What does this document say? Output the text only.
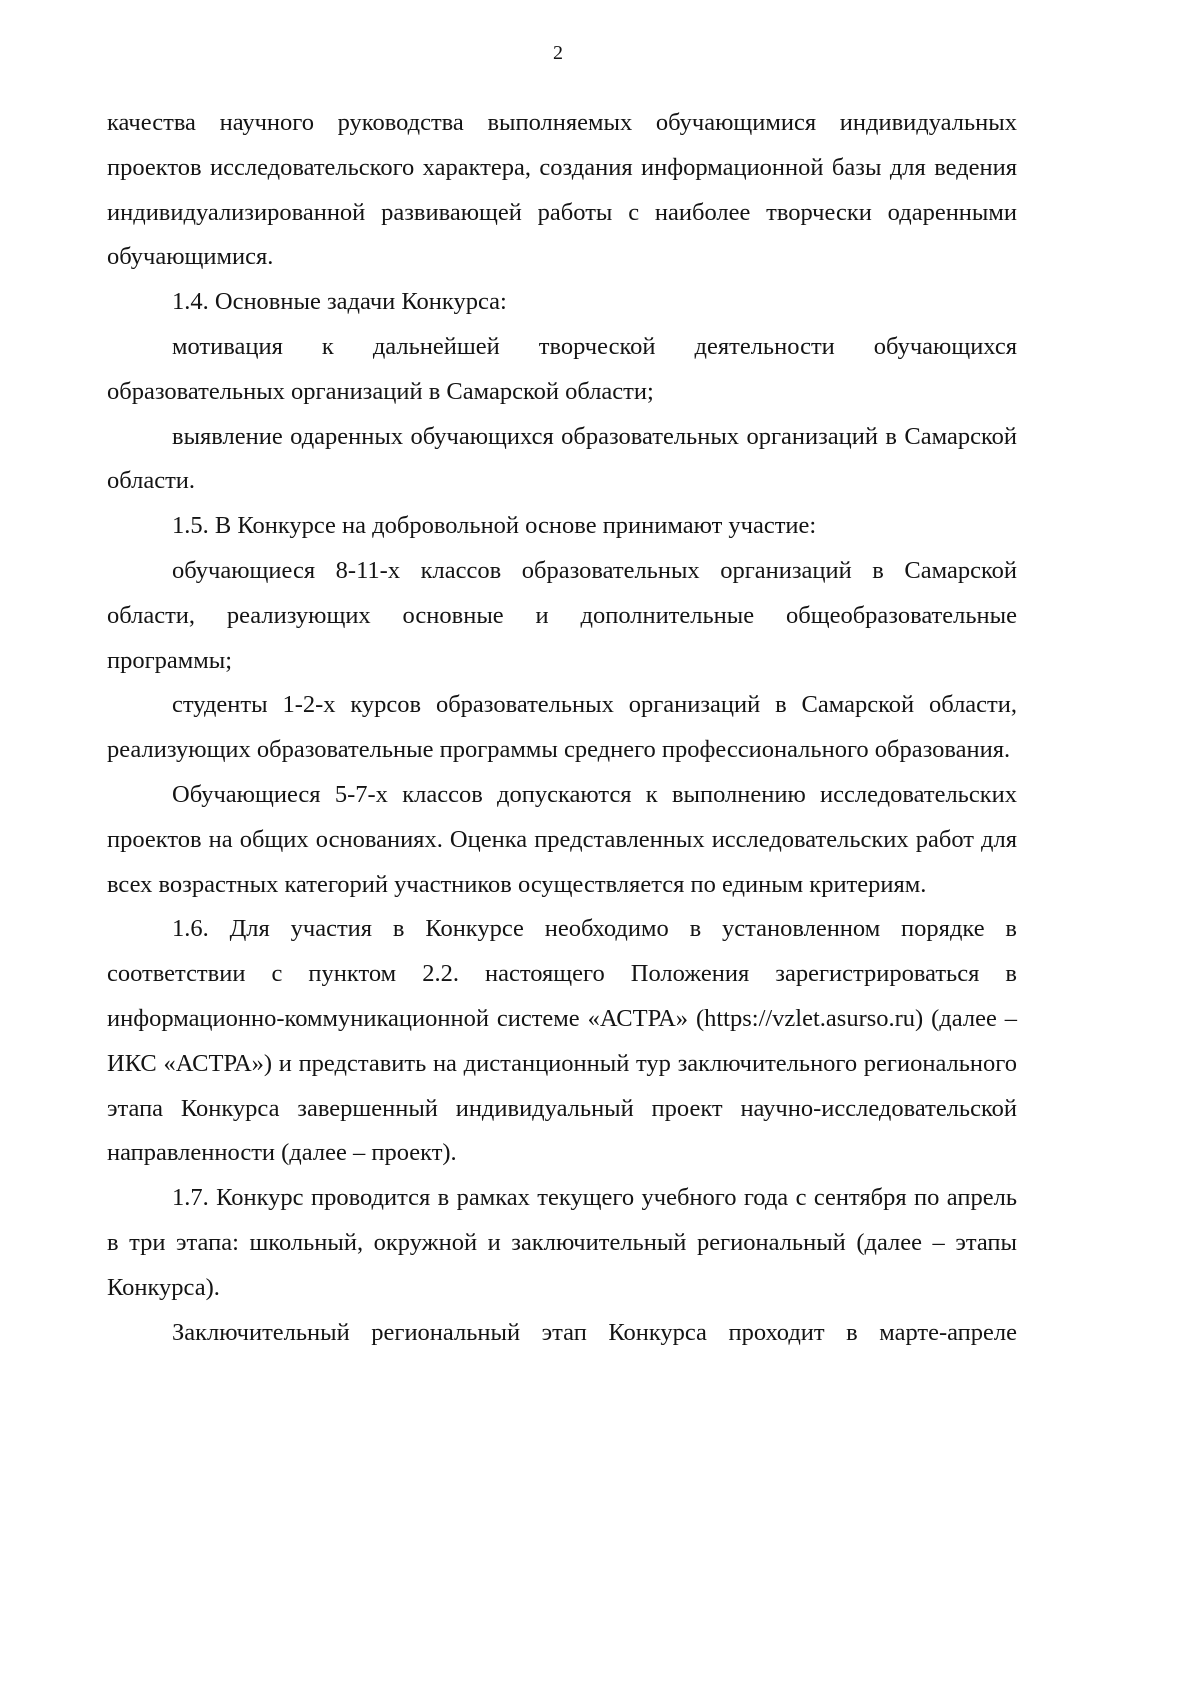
2

качества научного руководства выполняемых обучающимися индивидуальных проектов исследовательского характера, создания информационной базы для ведения индивидуализированной развивающей работы с наиболее творчески одаренными обучающимися.

1.4. Основные задачи Конкурса:

мотивация к дальнейшей творческой деятельности обучающихся образовательных организаций в Самарской области;

выявление одаренных обучающихся образовательных организаций в Самарской области.

1.5. В Конкурсе на добровольной основе принимают участие:

обучающиеся 8-11-х классов образовательных организаций в Самарской области, реализующих основные и дополнительные общеобразовательные программы;

студенты 1-2-х курсов образовательных организаций в Самарской области, реализующих образовательные программы среднего профессионального образования.

Обучающиеся 5-7-х классов допускаются к выполнению исследовательских проектов на общих основаниях. Оценка представленных исследовательских работ для всех возрастных категорий участников осуществляется по единым критериям.

1.6. Для участия в Конкурсе необходимо в установленном порядке в соответствии с пунктом 2.2. настоящего Положения зарегистрироваться в информационно-коммуникационной системе «АСТРА» (https://vzlet.asurso.ru) (далее – ИКС «АСТРА») и представить на дистанционный тур заключительного регионального этапа Конкурса завершенный индивидуальный проект научно-исследовательской направленности (далее – проект).

1.7. Конкурс проводится в рамках текущего учебного года с сентября по апрель в три этапа: школьный, окружной и заключительный региональный (далее – этапы Конкурса).

Заключительный региональный этап Конкурса проходит в марте-апреле
